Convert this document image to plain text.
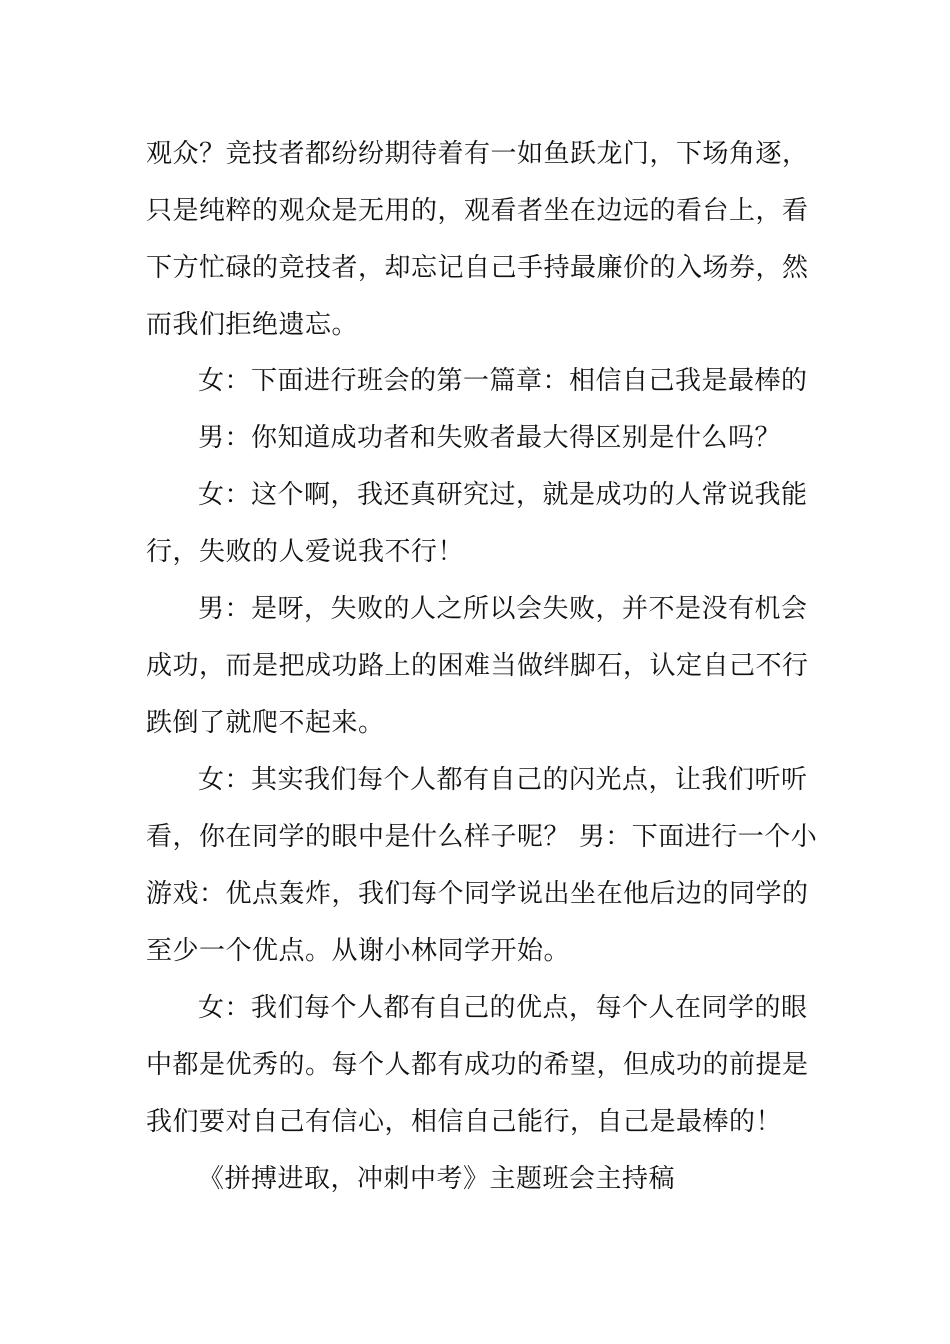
观众？竞技者都纷纷期待着有一如鱼跃龙门，下场角逐，

只是纯粹的观众是无用的，观看者坐在边远的看台上，看

下方忙碌的竞技者，却忘记自己手持最廉价的入场券，然

而我们拒绝遗忘。

女：下面进行班会的第一篇章：相信自己我是最棒的

男：你知道成功者和失败者最大得区别是什么吗？

女：这个啊，我还真研究过，就是成功的人常说我能

行，失败的人爱说我不行！

男：是呀，失败的人之所以会失败，并不是没有机会

成功，而是把成功路上的困难当做绊脚石，认定自己不行

跌倒了就爬不起来。

女：其实我们每个人都有自己的闪光点，让我们听听

看，你在同学的眼中是什么样子呢？ 男：下面进行一个小

游戏：优点轰炸，我们每个同学说出坐在他后边的同学的

至少一个优点。从谢小林同学开始。

女：我们每个人都有自己的优点，每个人在同学的眼

中都是优秀的。每个人都有成功的希望，但成功的前提是

我们要对自己有信心，相信自己能行，自己是最棒的！

《拼搏进取，冲刺中考》主题班会主持稿
